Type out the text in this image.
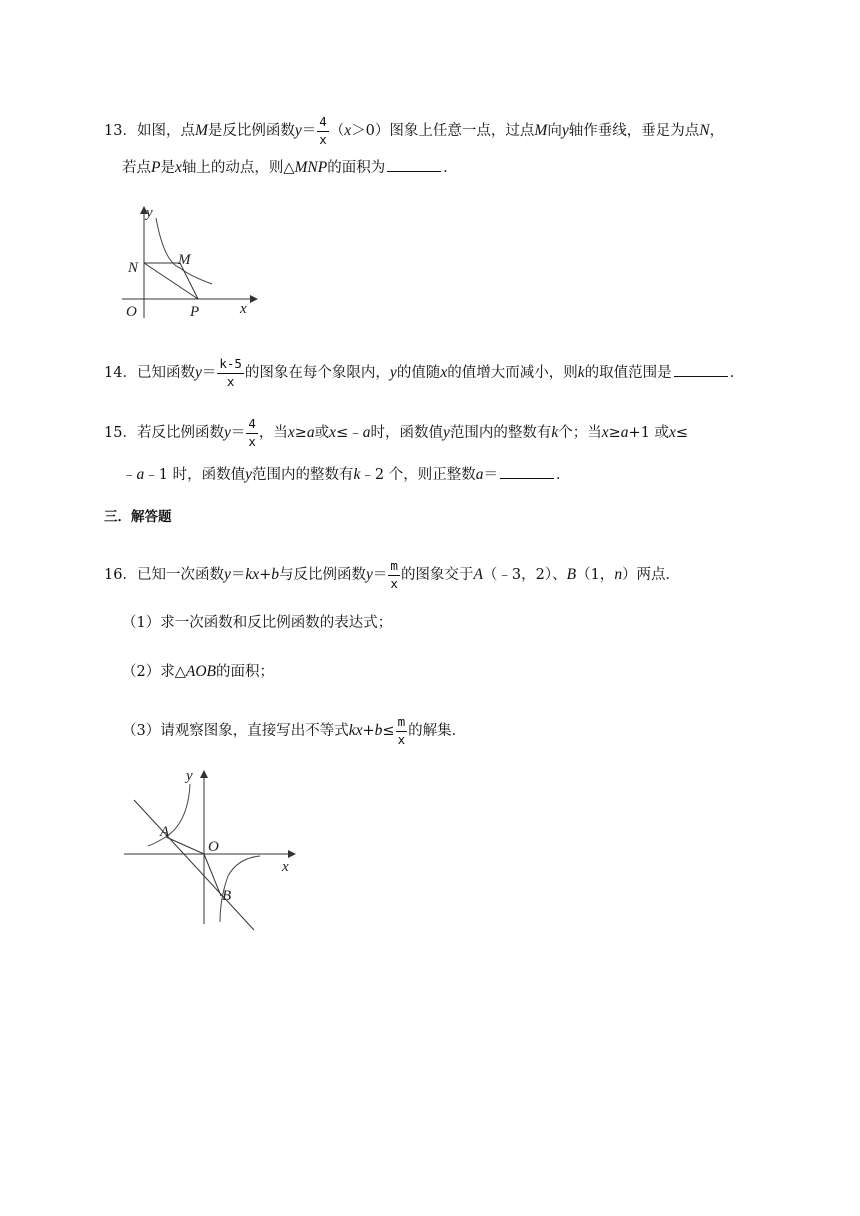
13．如图，点M是反比例函数$y= \frac{4}{x} (x>0)$图象上任意一点，过点M向y轴作垂线，垂足为点N，
若点P是x轴上的动点，则△MNP的面积为	．
y
N	M
O	P	x
14．已知函数$y= \frac{k-5}{x}$ 的图象在每个象限内，y的值随x的值增大而减小，则k的取值范围是	．
15．若反比例函数$y= \frac{4}{x}$ ，当x≥a或x≤﹣a时，函数值y范围内的整数有k个；当x≥a+1 或x≤
﹣a﹣1 时，函数值y范围内的整数有k﹣2 个，则正整数a＝	．
三．解答题
16．已知一次函数y＝kx+b与反比例函数$y= \frac{m}{x}$ 的图象交于A（﹣3，2）、B（1，n）两点．
（1）求一次函数和反比例函数的表达式；
（2）求△AOB的面积；
（3）请观察图象，直接写出不等式$kx+b\le \frac{m}{x}$ 的解集．
y
A
O
x
B
